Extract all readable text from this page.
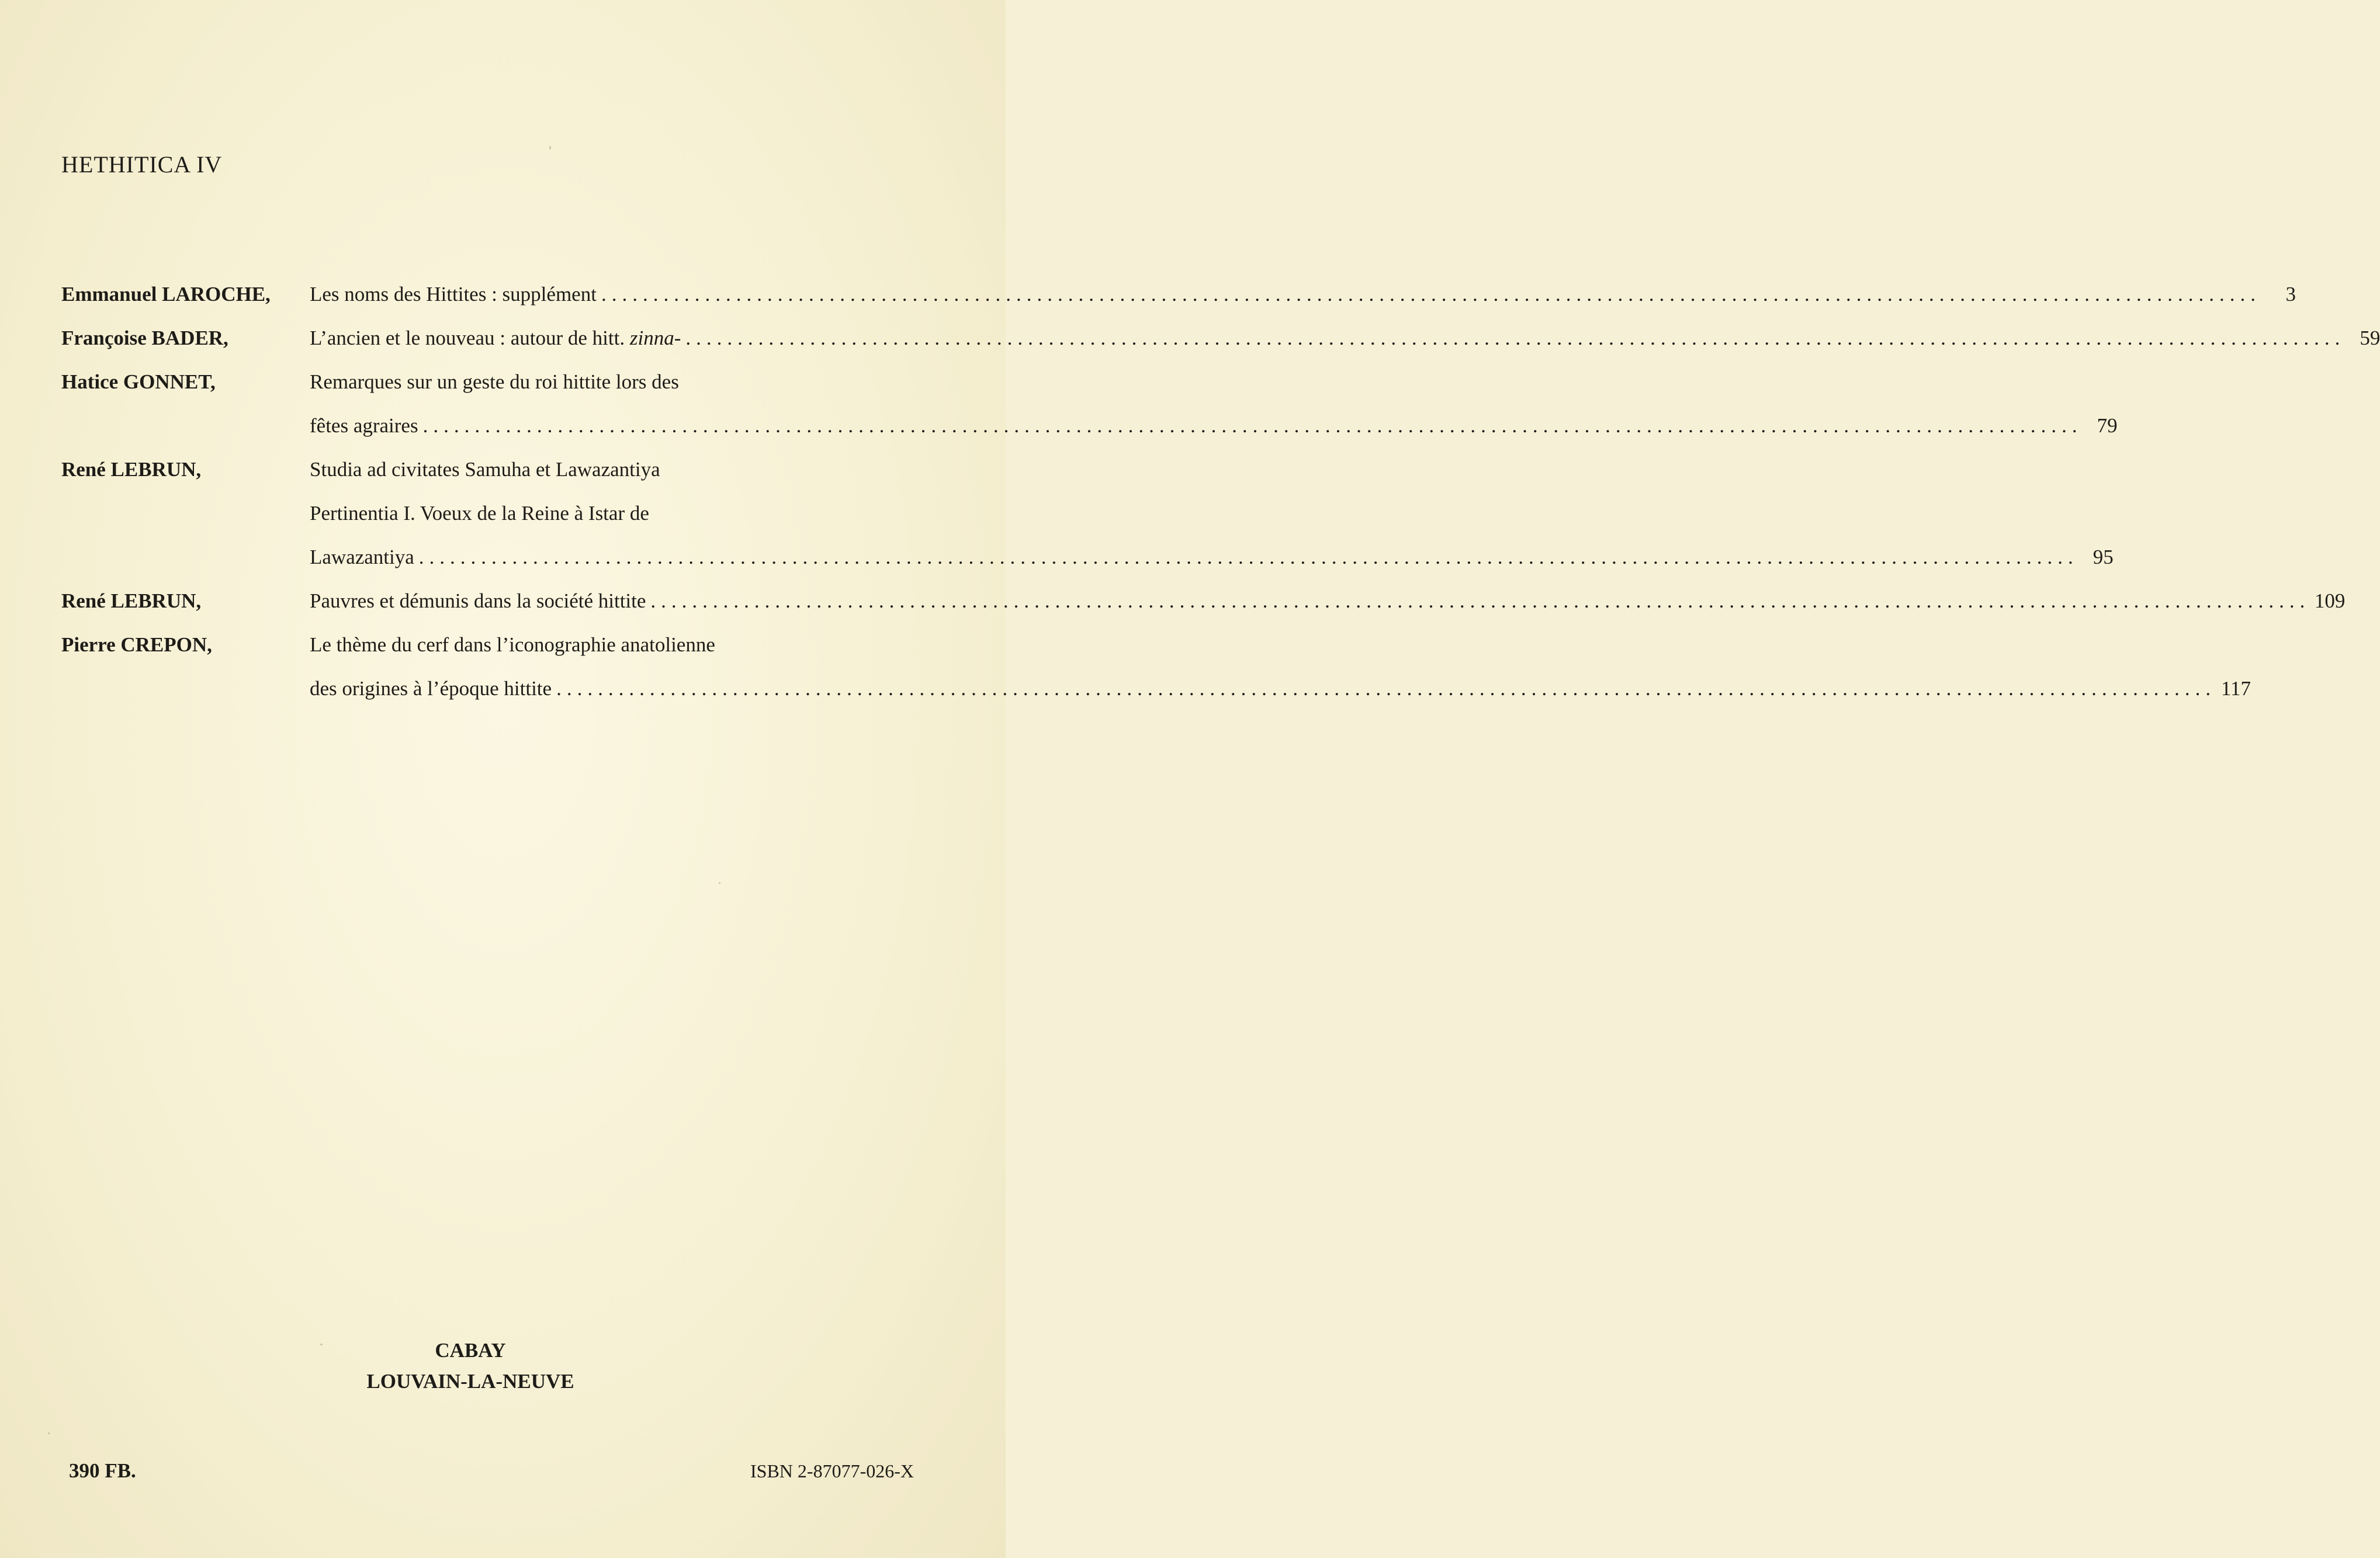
HETHITICA IV
Emmanuel LAROCHE, Les noms des Hittites : supplément ................................................................................................................................................................	3
Françoise BADER,	L’ancien et le nouveau : autour de hitt. zinna- ................................................................................................................................................................ 59
Hatice GONNET,	Remarques sur un geste du roi hittite lors des
fêtes agraires ................................................................................................................................................................ 79
René LEBRUN,	Studia ad civitates Samuha et Lawazantiya
Pertinentia I. Voeux de la Reine à Istar de
Lawazantiya ................................................................................................................................................................ 95
René LEBRUN,	Pauvres et démunis dans la société hittite ................................................................................................................................................................ 109
Pierre CREPON,	Le thème du cerf dans l’iconographie anatolienne
des origines à l’époque hittite ................................................................................................................................................................ 117
CABAY
LOUVAIN-LA-NEUVE
390 FB.	ISBN 2-87077-026-X
